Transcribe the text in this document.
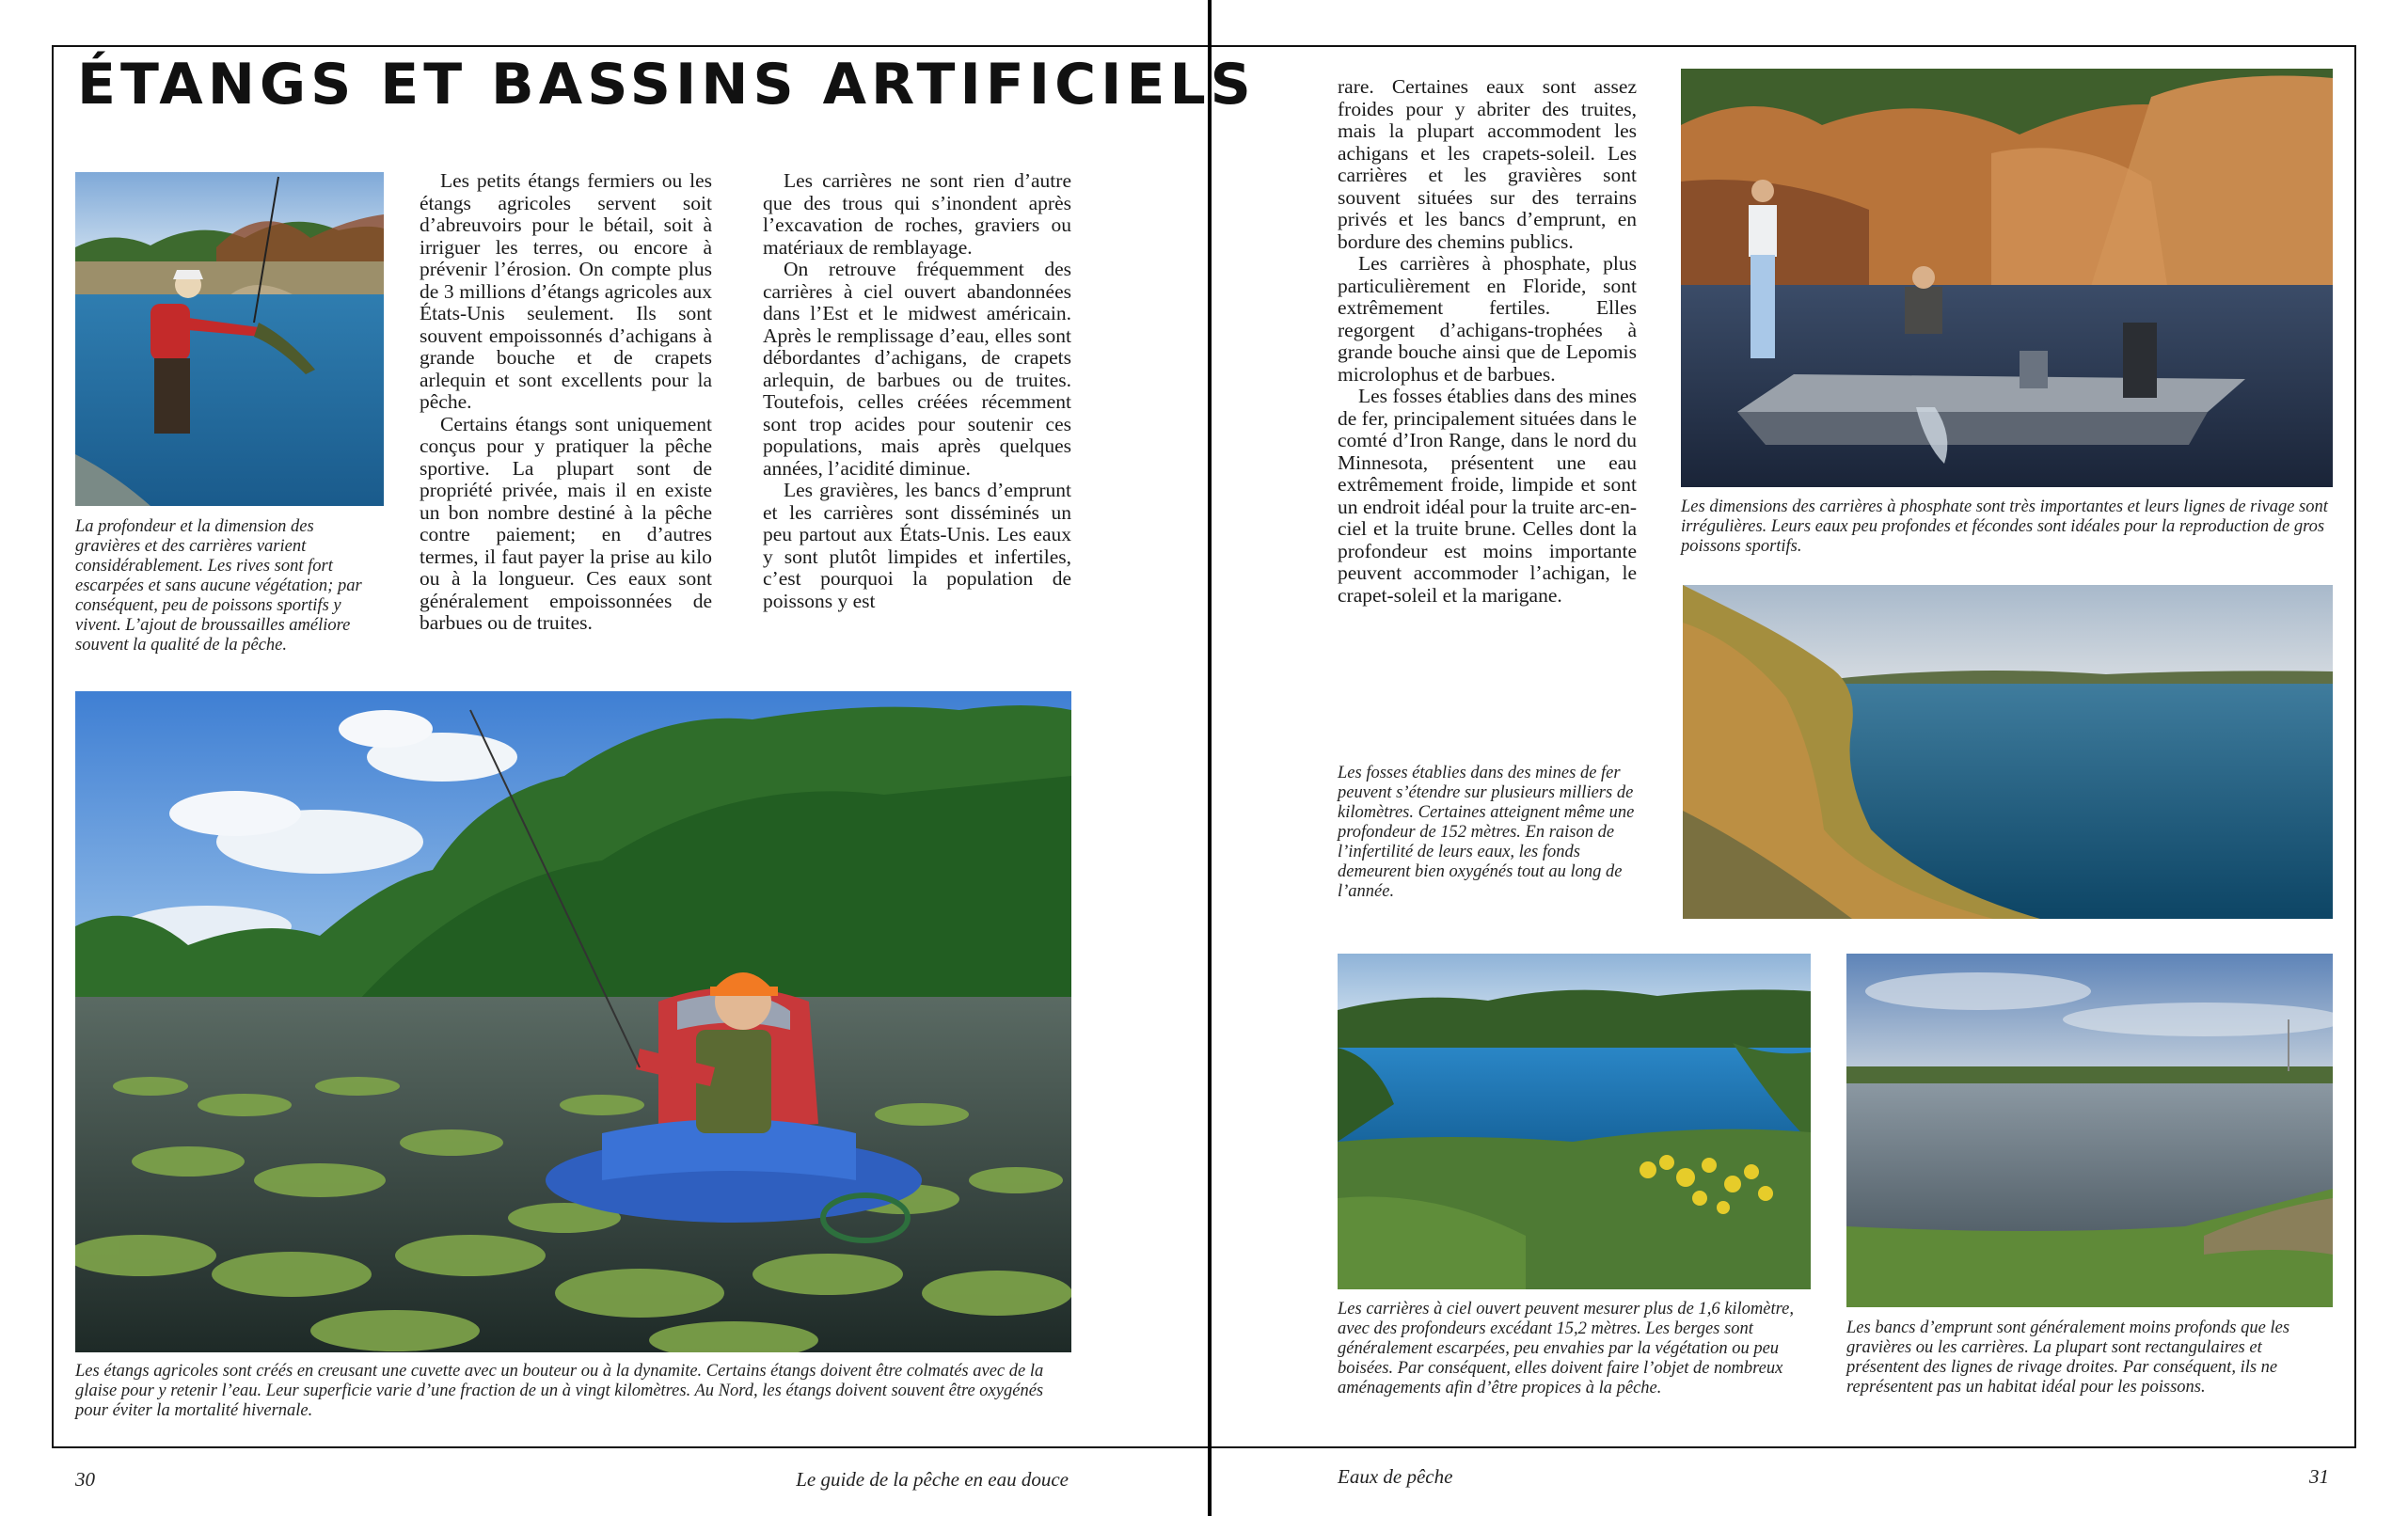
ÉTANGS ET BASSINS ARTIFICIELS
La profondeur et la dimension des gravières et des carrières varient considérablement. Les rives sont fort escarpées et sans aucune végétation; par conséquent, peu de poissons sportifs y vivent. L’ajout de broussailles améliore souvent la qualité de la pêche.

Les petits étangs fermiers ou les étangs agricoles servent soit d’abreuvoirs pour le bétail, soit à irriguer les terres, ou encore à prévenir l’érosion. On compte plus de 3 millions d’étangs agricoles aux États-Unis seulement. Ils sont souvent empoissonnés d’achigans à grande bouche et de crapets arlequin et sont excellents pour la pêche.

Certains étangs sont uniquement conçus pour y pratiquer la pêche sportive. La plupart sont de propriété privée, mais il en existe un bon nombre destiné à la pêche contre paiement; en d’autres termes, il faut payer la prise au kilo ou à la longueur. Ces eaux sont généralement empoissonnées de barbues ou de truites.

Les carrières ne sont rien d’autre que des trous qui s’inondent après l’excavation de roches, graviers ou matériaux de remblayage.

On retrouve fréquemment des carrières à ciel ouvert abandonnées dans l’Est et le midwest américain. Après le remplissage d’eau, elles sont débordantes d’achigans, de crapets arlequin, de barbues ou de truites. Toutefois, celles créées récemment sont trop acides pour soutenir ces populations, mais après quelques années, l’acidité diminue.

Les gravières, les bancs d’emprunt et les carrières sont disséminés un peu partout aux États-Unis. Les eaux y sont plutôt limpides et infertiles, c’est pourquoi la population de poissons y est

Les étangs agricoles sont créés en creusant une cuvette avec un bouteur ou à la dynamite. Certains étangs doivent être colmatés avec de la glaise pour y retenir l’eau. Leur superficie varie d’une fraction de un à vingt kilomètres. Au Nord, les étangs doivent souvent être oxygénés pour éviter la mortalité hivernale.
30	Le guide de la pêche en eau douce

rare. Certaines eaux sont assez froides pour y abriter des truites, mais la plupart accommodent les achigans et les crapets-soleil. Les carrières et les gravières sont souvent situées sur des terrains privés et les bancs d’emprunt, en bordure des chemins publics.

Les carrières à phosphate, plus particulièrement en Floride, sont extrêmement fertiles. Elles regorgent d’achigans-trophées à grande bouche ainsi que de Lepomis microlophus et de barbues.

Les fosses établies dans des mines de fer, principalement situées dans le comté d’Iron Range, dans le nord du Minnesota, présentent une eau extrêmement froide, limpide et sont un endroit idéal pour la truite arc-en-ciel et la truite brune. Celles dont la profondeur est moins importante peuvent accommoder l’achigan, le crapet-soleil et la marigane.

Les dimensions des carrières à phosphate sont très importantes et leurs lignes de rivage sont irrégulières. Leurs eaux peu profondes et fécondes sont idéales pour la reproduction de gros poissons sportifs.
Les fosses établies dans des mines de fer peuvent s’étendre sur plusieurs milliers de kilomètres. Certaines atteignent même une profondeur de 152 mètres. En raison de l’infertilité de leurs eaux, les fonds demeurent bien oxygénés tout au long de l’année.
Les carrières à ciel ouvert peuvent mesurer plus de 1,6 kilomètre, avec des profondeurs excédant 15,2 mètres. Les berges sont généralement escarpées, peu envahies par la végétation ou peu boisées. Par conséquent, elles doivent faire l’objet de nombreux aménagements afin d’être propices à la pêche.
Les bancs d’emprunt sont généralement moins profonds que les gravières ou les carrières. La plupart sont rectangulaires et présentent des lignes de rivage droites. Par conséquent, ils ne représentent pas un habitat idéal pour les poissons.
Eaux de pêche	31
